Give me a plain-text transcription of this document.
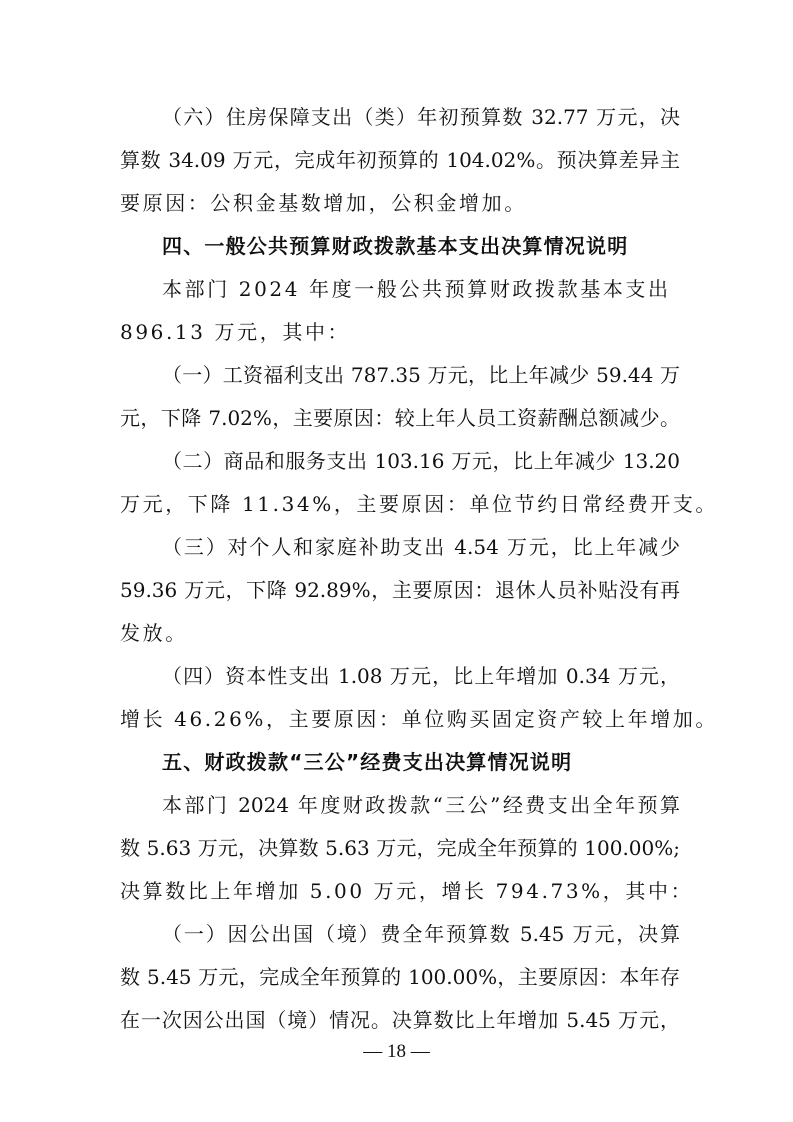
（六）住房保障支出（类）年初预算数 32.77 万元，决
算数 34.09 万元，完成年初预算的 104.02%。预决算差异主
要原因：公积金基数增加，公积金增加。
四、一般公共预算财政拨款基本支出决算情况说明
本部门 2024 年度一般公共预算财政拨款基本支出
896.13 万元，其中：
（一）工资福利支出 787.35 万元，比上年减少 59.44 万
元，下降 7.02%，主要原因：较上年人员工资薪酬总额减少。
（二）商品和服务支出 103.16 万元，比上年减少 13.20
万元，下降 11.34%，主要原因：单位节约日常经费开支。
（三）对个人和家庭补助支出 4.54 万元，比上年减少
59.36 万元，下降 92.89%，主要原因：退休人员补贴没有再
发放。
（四）资本性支出 1.08 万元，比上年增加 0.34 万元，
增长 46.26%，主要原因：单位购买固定资产较上年增加。
五、财政拨款“三公”经费支出决算情况说明
本部门 2024 年度财政拨款“三公”经费支出全年预算
数 5.63 万元，决算数 5.63 万元，完成全年预算的 100.00%;
决算数比上年增加 5.00 万元，增长 794.73%，其中：
（一）因公出国（境）费全年预算数 5.45 万元，决算
数 5.45 万元，完成全年预算的 100.00%，主要原因：本年存
在一次因公出国（境）情况。决算数比上年增加 5.45 万元，
— 18 —
